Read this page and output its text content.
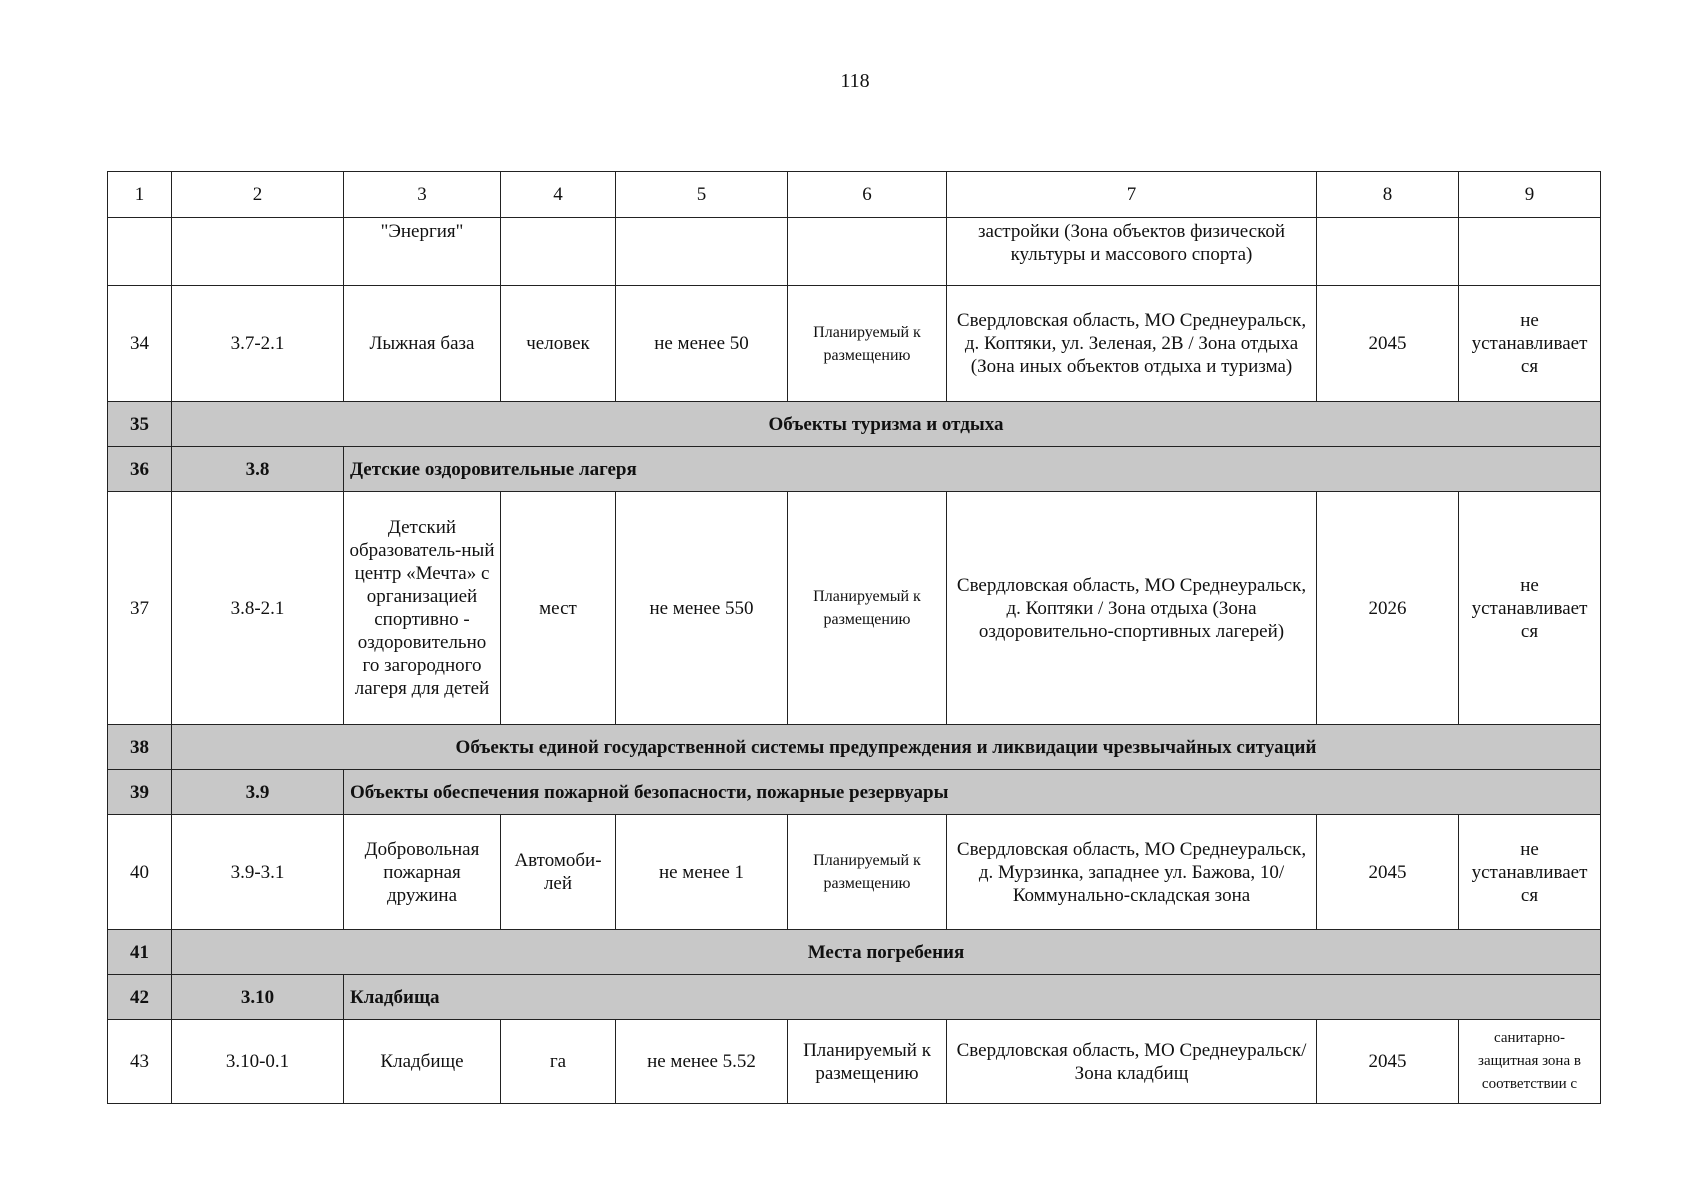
118
1	2	3	4	5	6	7	8	9
		"Энергия"				застройки (Зона объектов физической культуры и массового спорта)		
34	3.7-2.1	Лыжная база	человек	не менее 50	Планируемый к размещению	Свердловская область, МО Среднеуральск, д. Коптяки, ул. Зеленая, 2В / Зона отдыха (Зона иных объектов отдыха и туризма)	2045	не устанавливает ся
35	Объекты туризма и отдыха							
36	3.8	Детские оздоровительные лагеря						
37	3.8-2.1	Детский образователь-ный центр «Мечта» с организацией спортивно - оздоровительно го загородного лагеря для детей	мест	не менее 550	Планируемый к размещению	Свердловская область, МО Среднеуральск, д. Коптяки / Зона отдыха (Зона оздоровительно-спортивных лагерей)	2026	не устанавливает ся
38	Объекты единой государственной системы предупреждения и ликвидации чрезвычайных ситуаций							
39	3.9	Объекты обеспечения пожарной безопасности, пожарные резервуары						
40	3.9-3.1	Добровольная пожарная дружина	Автомоби-лей	не менее 1	Планируемый к размещению	Свердловская область, МО Среднеуральск, д. Мурзинка, западнее ул. Бажова, 10/ Коммунально-складская зона	2045	не устанавливает ся
41	Места погребения							
42	3.10	Кладбища						
43	3.10-0.1	Кладбище	га	не менее 5.52	Планируемый к размещению	Свердловская область, МО Среднеуральск/ Зона кладбищ	2045	санитарно-защитная зона в соответствии с
